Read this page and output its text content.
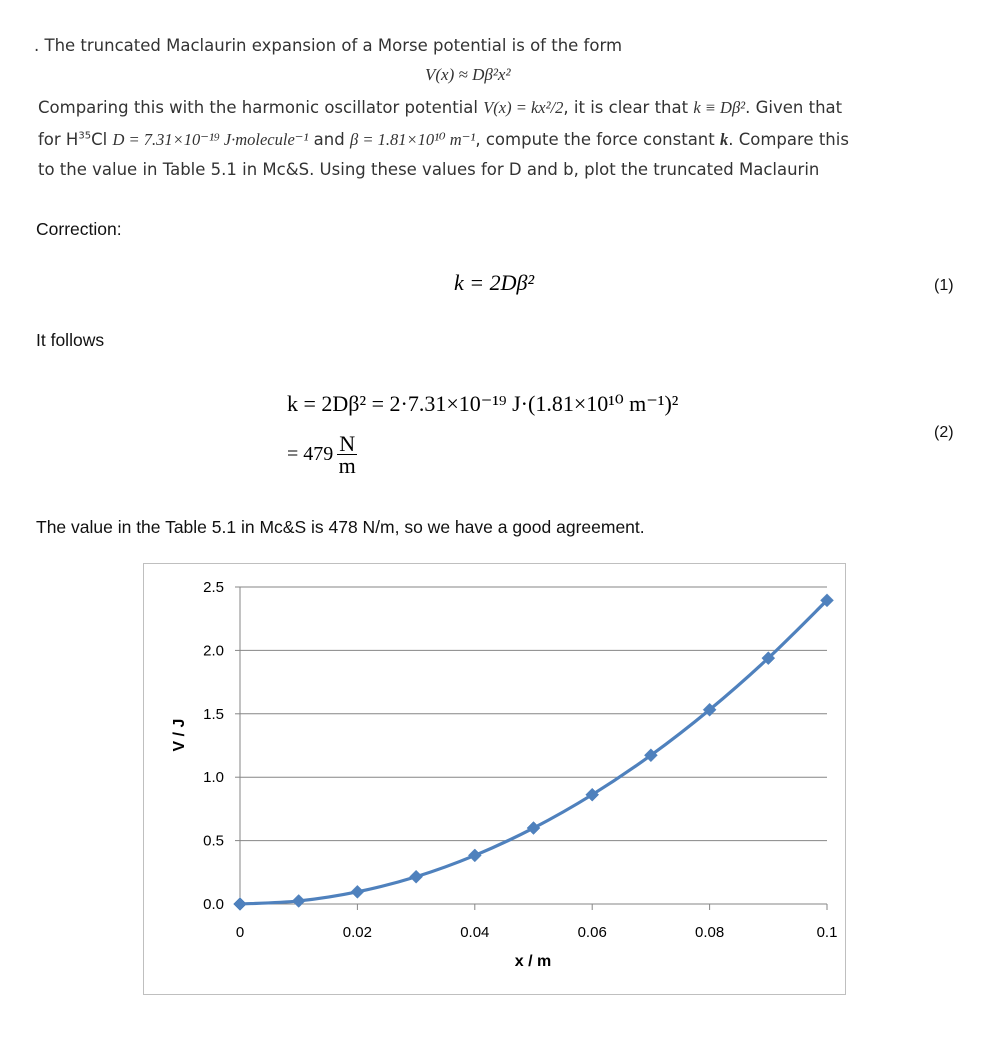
. The truncated Maclaurin expansion of a Morse potential is of the form
V(x) ≈ Dβ²x²
Comparing this with the harmonic oscillator potential V(x) = kx²/2, it is clear that k ≡ Dβ². Given that
for $H^{35}Cl$ D = 7.31×10⁻¹⁹ J·molecule⁻¹ and β = 1.81×10¹⁰ m⁻¹, compute the force constant k. Compare this
to the value in Table 5.1 in Mc&S. Using these values for D and b, plot the truncated Maclaurin
Correction:
k = 2Dβ²	(1)
It follows
k = 2Dβ² = 2·7.31×10⁻¹⁹ J·(1.81×10¹⁰ m⁻¹)²
= $479 \frac{N}{m}$
(2)
The value in the Table 5.1 in Mc&S is 478 N/m, so we have a good agreement.
0.0
0.5
1.0
1.5
2.0
2.5
0	0.02	0.04	0.06	0.08	0.1
x / m
V / J
